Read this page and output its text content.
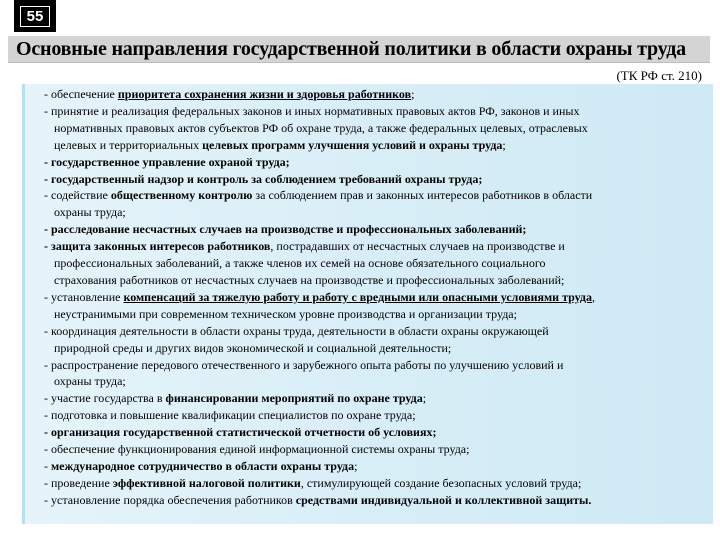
55
Основные направления государственной политики в области охраны труда
(ТК РФ ст. 210)
- обеспечение приоритета сохранения жизни и здоровья работников;
- принятие и реализация федеральных законов и иных нормативных правовых актов РФ, законов и иных
нормативных правовых актов субъектов РФ об охране труда, а также федеральных целевых, отраслевых
целевых и территориальных целевых программ улучшения условий и охраны труда;
- государственное управление охраной труда;
- государственный надзор и контроль за соблюдением требований охраны труда;
- содействие общественному контролю за соблюдением прав и законных интересов работников в области
охраны труда;
- расследование несчастных случаев на производстве и профессиональных заболеваний;
- защита законных интересов работников, пострадавших от несчастных случаев на производстве и
профессиональных заболеваний, а также членов их семей на основе обязательного социального
страхования работников от несчастных случаев на производстве и профессиональных заболеваний;
- установление компенсаций за тяжелую работу и работу с вредными или опасными условиями труда,
неустранимыми при современном техническом уровне производства и организации труда;
- координация деятельности в области охраны труда, деятельности в области охраны окружающей
природной среды и других видов экономической и социальной деятельности;
- распространение передового отечественного и зарубежного опыта работы по улучшению условий и
охраны труда;
- участие государства в финансировании мероприятий по охране труда;
- подготовка и повышение квалификации специалистов по охране труда;
- организация государственной статистической отчетности об условиях;
- обеспечение функционирования единой информационной системы охраны труда;
- международное сотрудничество в области охраны труда;
- проведение эффективной налоговой политики, стимулирующей создание безопасных условий труда;
- установление порядка обеспечения работников средствами индивидуальной и коллективной защиты.
